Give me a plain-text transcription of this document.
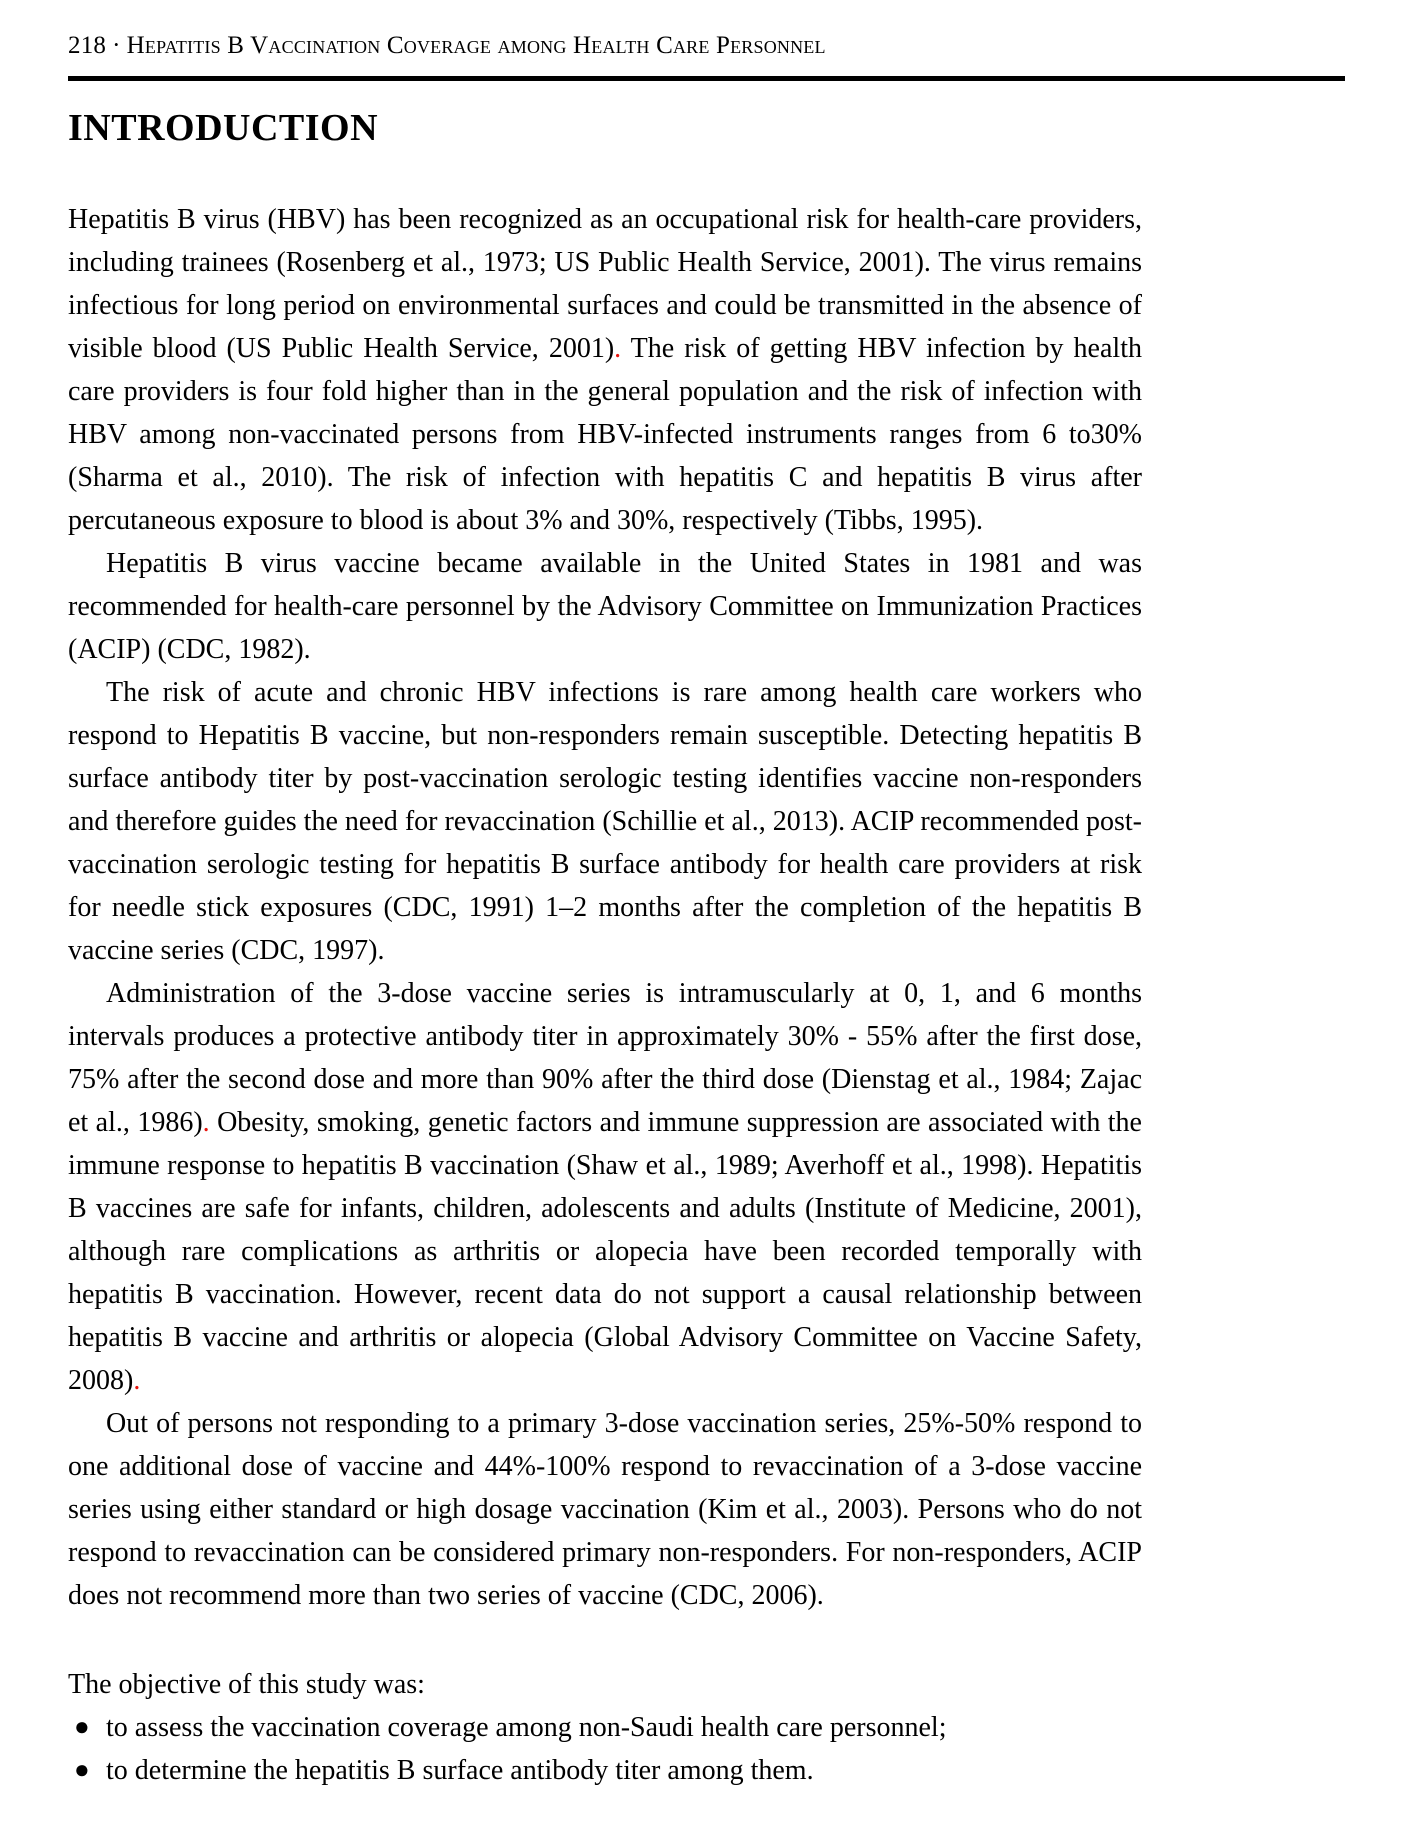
218 · Hepatitis B Vaccination Coverage among Health Care Personnel
INTRODUCTION

Hepatitis B virus (HBV) has been recognized as an occupational risk for health-care providers, including trainees (Rosenberg et al., 1973; US Public Health Service, 2001). The virus remains infectious for long period on environmental surfaces and could be transmitted in the absence of visible blood (US Public Health Service, 2001). The risk of getting HBV infection by health care providers is four fold higher than in the general population and the risk of infection with HBV among non-vaccinated persons from HBV-infected instruments ranges from 6 to30% (Sharma et al., 2010). The risk of infection with hepatitis C and hepatitis B virus after percutaneous exposure to blood is about 3% and 30%, respectively (Tibbs, 1995).

Hepatitis B virus vaccine became available in the United States in 1981 and was recommended for health-care personnel by the Advisory Committee on Immunization Practices (ACIP) (CDC, 1982).

The risk of acute and chronic HBV infections is rare among health care workers who respond to Hepatitis B vaccine, but non-responders remain susceptible. Detecting hepatitis B surface antibody titer by post-vaccination serologic testing identifies vaccine non-responders and therefore guides the need for revaccination (Schillie et al., 2013). ACIP recommended post-vaccination serologic testing for hepatitis B surface antibody for health care providers at risk for needle stick exposures (CDC, 1991) 1–2 months after the completion of the hepatitis B vaccine series (CDC, 1997).

Administration of the 3-dose vaccine series is intramuscularly at 0, 1, and 6 months intervals produces a protective antibody titer in approximately 30% - 55% after the first dose, 75% after the second dose and more than 90% after the third dose (Dienstag et al., 1984; Zajac et al., 1986). Obesity, smoking, genetic factors and immune suppression are associated with the immune response to hepatitis B vaccination (Shaw et al., 1989; Averhoff et al., 1998). Hepatitis B vaccines are safe for infants, children, adolescents and adults (Institute of Medicine, 2001), although rare complications as arthritis or alopecia have been recorded temporally with hepatitis B vaccination. However, recent data do not support a causal relationship between hepatitis B vaccine and arthritis or alopecia (Global Advisory Committee on Vaccine Safety, 2008).

Out of persons not responding to a primary 3-dose vaccination series, 25%-50% respond to one additional dose of vaccine and 44%-100% respond to revaccination of a 3-dose vaccine series using either standard or high dosage vaccination (Kim et al., 2003). Persons who do not respond to revaccination can be considered primary non-responders. For non-responders, ACIP does not recommend more than two series of vaccine (CDC, 2006).

The objective of this study was:

● to assess the vaccination coverage among non-Saudi health care personnel;
● to determine the hepatitis B surface antibody titer among them.
